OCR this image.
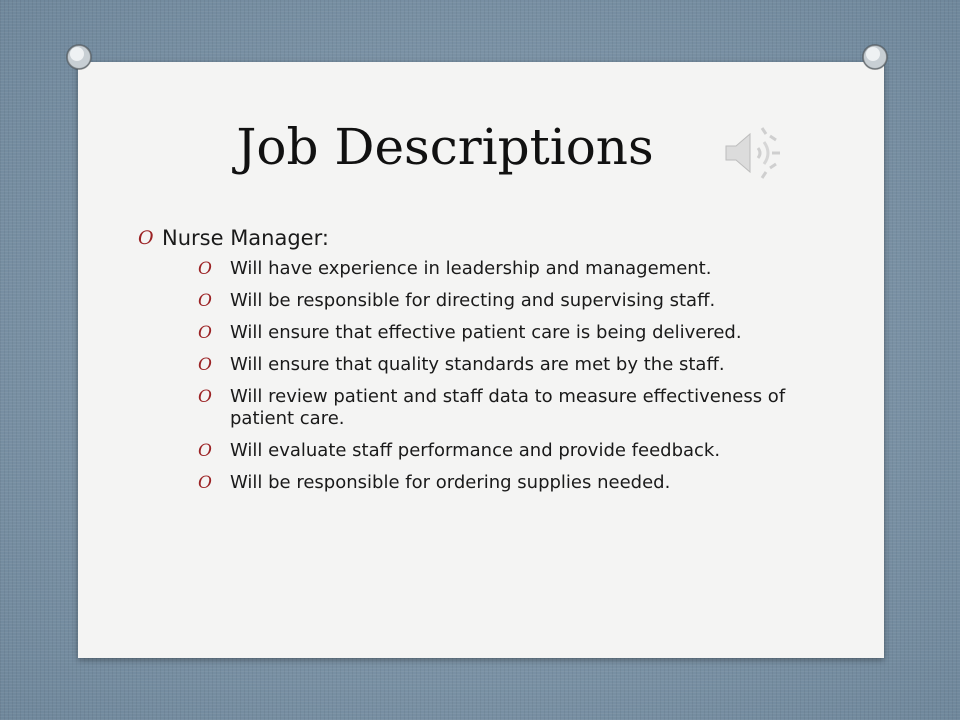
Job Descriptions
O Nurse Manager:
O Will have experience in leadership and management.
O Will be responsible for directing and supervising staff.
O Will ensure that effective patient care is being delivered.
O Will ensure that quality standards are met by the staff.
O Will review patient and staff data to measure effectiveness of patient care.
O Will evaluate staff performance and provide feedback.
O Will be responsible for ordering supplies needed.
